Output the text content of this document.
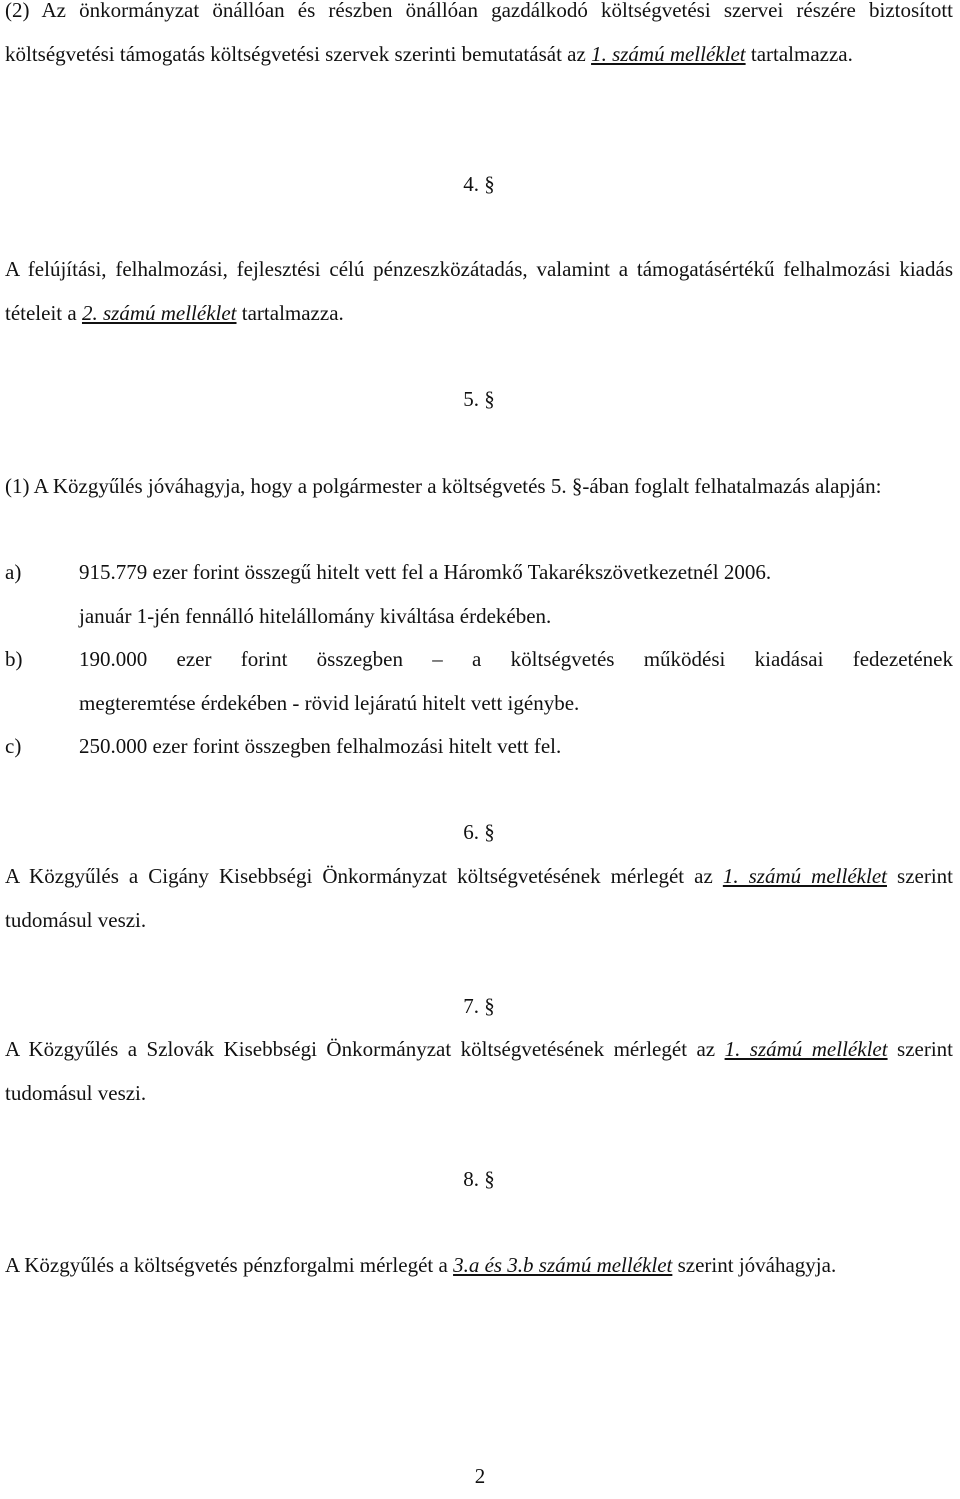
(2) Az önkormányzat önállóan és részben önállóan gazdálkodó költségvetési szervei részére biztosított költségvetési támogatás költségvetési szervek szerinti bemutatását az 1. számú melléklet tartalmazza.

4. §

A felújítási, felhalmozási, fejlesztési célú pénzeszközátadás, valamint a támogatásértékű felhalmozási kiadás tételeit a 2. számú melléklet tartalmazza.

5. §

(1) A Közgyűlés jóváhagyja, hogy a polgármester a költségvetés 5. §-ában foglalt felhatalmazás alapján:

a)	915.779 ezer forint összegű hitelt vett fel a Háromkő Takarékszövetkezetnél 2006.

január 1-jén fennálló hitelállomány kiváltása érdekében.

b)	190.000 ezer forint összegben – a költségvetés működési kiadásai fedezetének

megteremtése érdekében - rövid lejáratú hitelt vett igénybe.

c)	250.000 ezer forint összegben felhalmozási hitelt vett fel.

6. §

A Közgyűlés a Cigány Kisebbségi Önkormányzat költségvetésének mérlegét az 1. számú melléklet szerint tudomásul veszi.

7. §

A Közgyűlés a Szlovák Kisebbségi Önkormányzat költségvetésének mérlegét az 1. számú melléklet szerint tudomásul veszi.

8. §

A Közgyűlés a költségvetés pénzforgalmi mérlegét a 3.a és 3.b számú melléklet szerint jóváhagyja.

2
